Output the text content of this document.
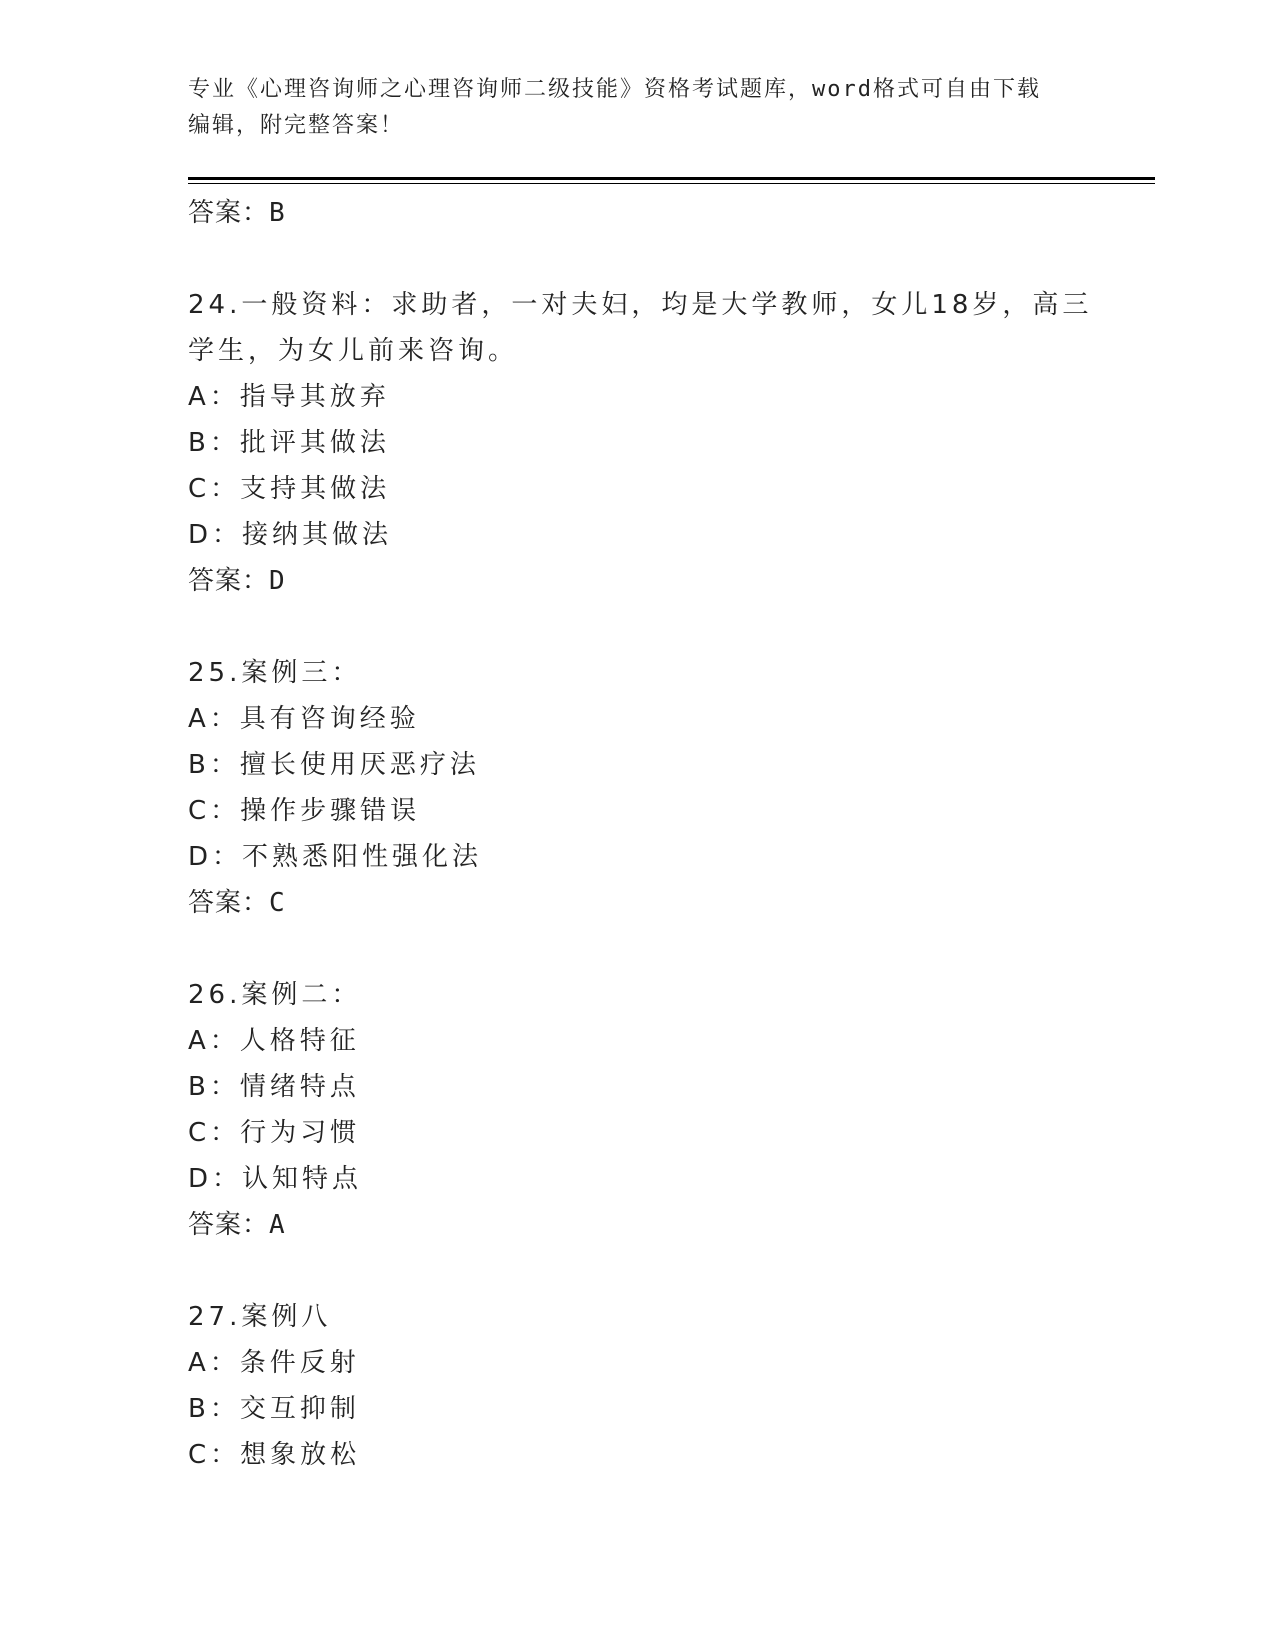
专业《心理咨询师之心理咨询师二级技能》资格考试题库，word格式可自由下载
编辑，附完整答案！
答案：B
24.一般资料：求助者，一对夫妇，均是大学教师，女儿18岁，高三
学生，为女儿前来咨询。
A：指导其放弃
B：批评其做法
C：支持其做法
D：接纳其做法
答案：D
25.案例三：
A：具有咨询经验
B：擅长使用厌恶疗法
C：操作步骤错误
D：不熟悉阳性强化法
答案：C
26.案例二：
A：人格特征
B：情绪特点
C：行为习惯
D：认知特点
答案：A
27.案例八
A：条件反射
B：交互抑制
C：想象放松
